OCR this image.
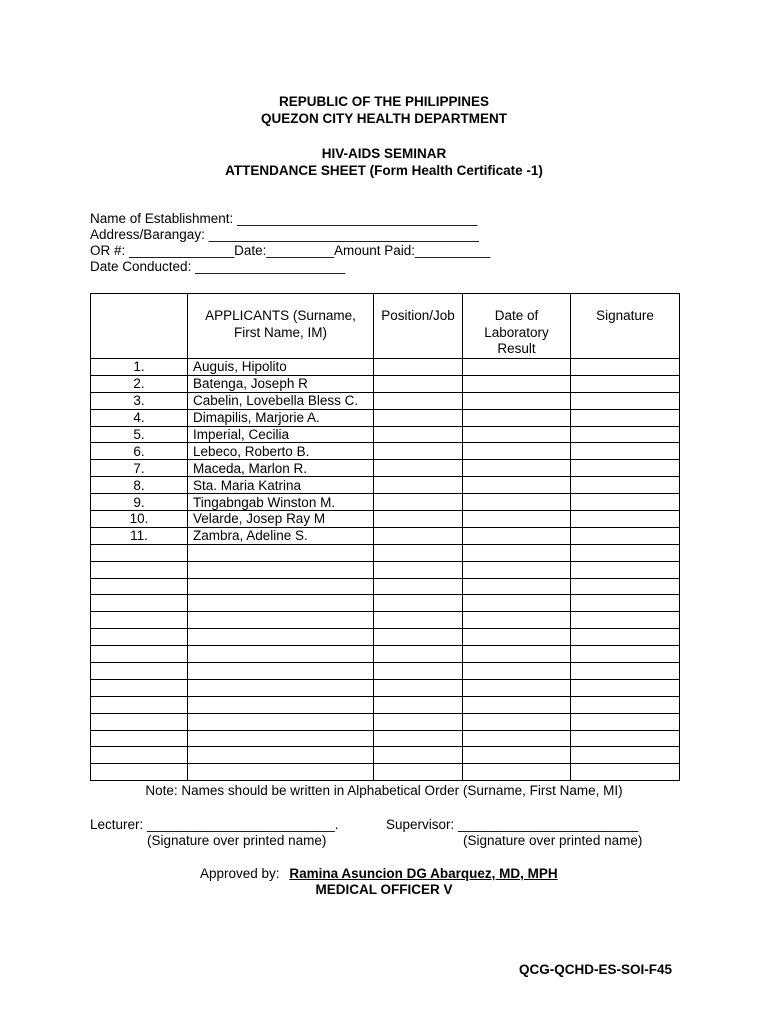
REPUBLIC OF THE PHILIPPINES
QUEZON CITY HEALTH DEPARTMENT
HIV-AIDS SEMINAR
ATTENDANCE SHEET (Form Health Certificate -1)
Name of Establishment: ________________________________
Address/Barangay: ____________________________________
OR #: ______________Date:_________Amount Paid:__________
Date Conducted: ____________________
	APPLICANTS (Surname, First Name, IM)	Position/Job	Date of Laboratory Result	Signature
1.	Auguis, Hipolito			
2.	Batenga, Joseph R			
3.	Cabelin, Lovebella Bless C.			
4.	Dimapilis, Marjorie A.			
5.	Imperial, Cecilia			
6.	Lebeco, Roberto B.			
7.	Maceda, Marlon R.			
8.	Sta. Maria Katrina			
9.	Tingabngab Winston M.			
10.	Velarde, Josep Ray M			
11.	Zambra, Adeline S.			

Note: Names should be written in Alphabetical Order (Surname, First Name, MI)
Lecturer: _________________________.
(Signature over printed name)
Supervisor: ________________________
(Signature over printed name)
Approved by: Ramina Asuncion DG Abarquez, MD, MPH
MEDICAL OFFICER V
QCG-QCHD-ES-SOI-F45
